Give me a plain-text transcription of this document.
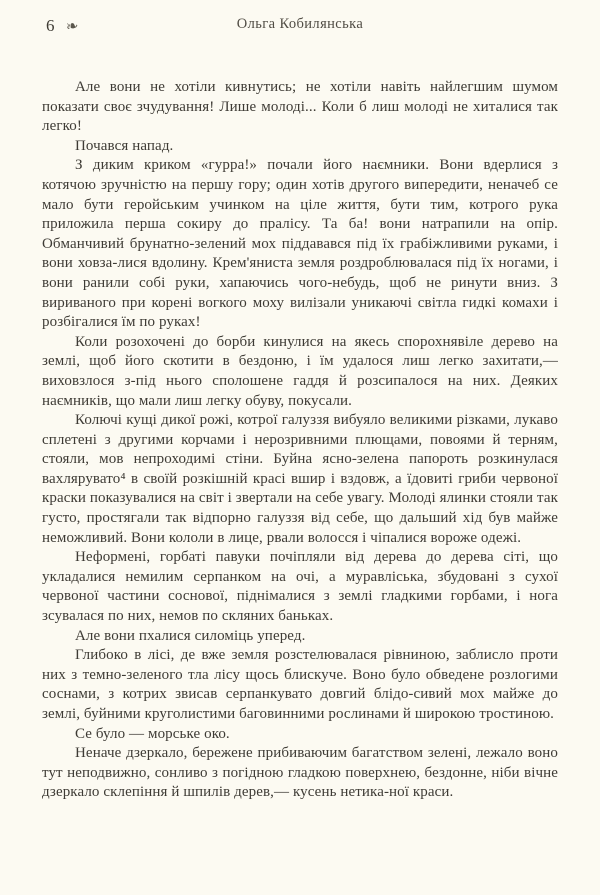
6 ❧	Ольга Кобилянська

Але вони не хотіли кивнутись; не хотіли навіть найлегшим шумом показати своє зчудування! Лише молоді... Коли б лиш молоді не хиталися так легко!

Почався напад.

З диким криком «гурра!» почали його наємники. Вони вдерлися з котячою зручністю на першу гору; один хотів другого випередити, неначеб се мало бути геройським учинком на ціле життя, бути тим, котрого рука приложила перша сокиру до пралісу. Та ба! вони натрапили на опір. Обманчивий брунатно-зелений мох піддавався під їх грабіжливими руками, і вони ховза-лися вдолину. Крем'яниста земля роздроблювалася під їх ногами, і вони ранили собі руки, хапаючись чого-небудь, щоб не ринути вниз. З вириваного при корені вогкого моху вилізали уникаючі світла гидкі комахи і розбігалися їм по руках!

Коли розохочені до борби кинулися на якесь спорохнявіле дерево на землі, щоб його скотити в бездоню, і їм удалося лиш легко захитати,— виховзлося з-під нього сполошене гаддя й розсипалося на них. Деяких наємників, що мали лиш легку обуву, покусали.

Колючі кущі дикої рожі, котрої галуззя вибуяло великими різками, лукаво сплетені з другими корчами і нерозривними плющами, повоями й терням, стояли, мов непроходимі стіни. Буйна ясно-зелена папороть розкинулася вахлярувато⁴ в своїй розкішній красі вшир і вздовж, а їдовиті гриби червоної краски показувалися на світ і звертали на себе увагу. Молоді ялинки стояли так густо, простягали так відпорно галуззя від себе, що дальший хід був майже неможливий. Вони кололи в лице, рвали волосся і чіпалися вороже одежі.

Неформені, горбаті павуки почіпляли від дерева до дерева сіті, що укладалися немилим серпанком на очі, а муравліська, збудовані з сухої червоної частини соснової, піднімалися з землі гладкими горбами, і нога зсувалася по них, немов по скляних баньках.

Але вони пхалися силоміць уперед.

Глибоко в лісі, де вже земля розстелювалася рівниною, заблисло проти них з темно-зеленого тла лісу щось блискуче. Воно було обведене розлогими соснами, з котрих звисав серпанкувато довгий блідо-сивий мох майже до землі, буйними круголистими баговинними рослинами й широкою тростиною.

Се було — морське око.

Неначе дзеркало, бережене прибиваючим багатством зелені, лежало воно тут неподвижно, сонливо з погідною гладкою поверхнею, бездонне, ніби вічне дзеркало склепіння й шпилів дерев,— кусень нетика-ної краси.
